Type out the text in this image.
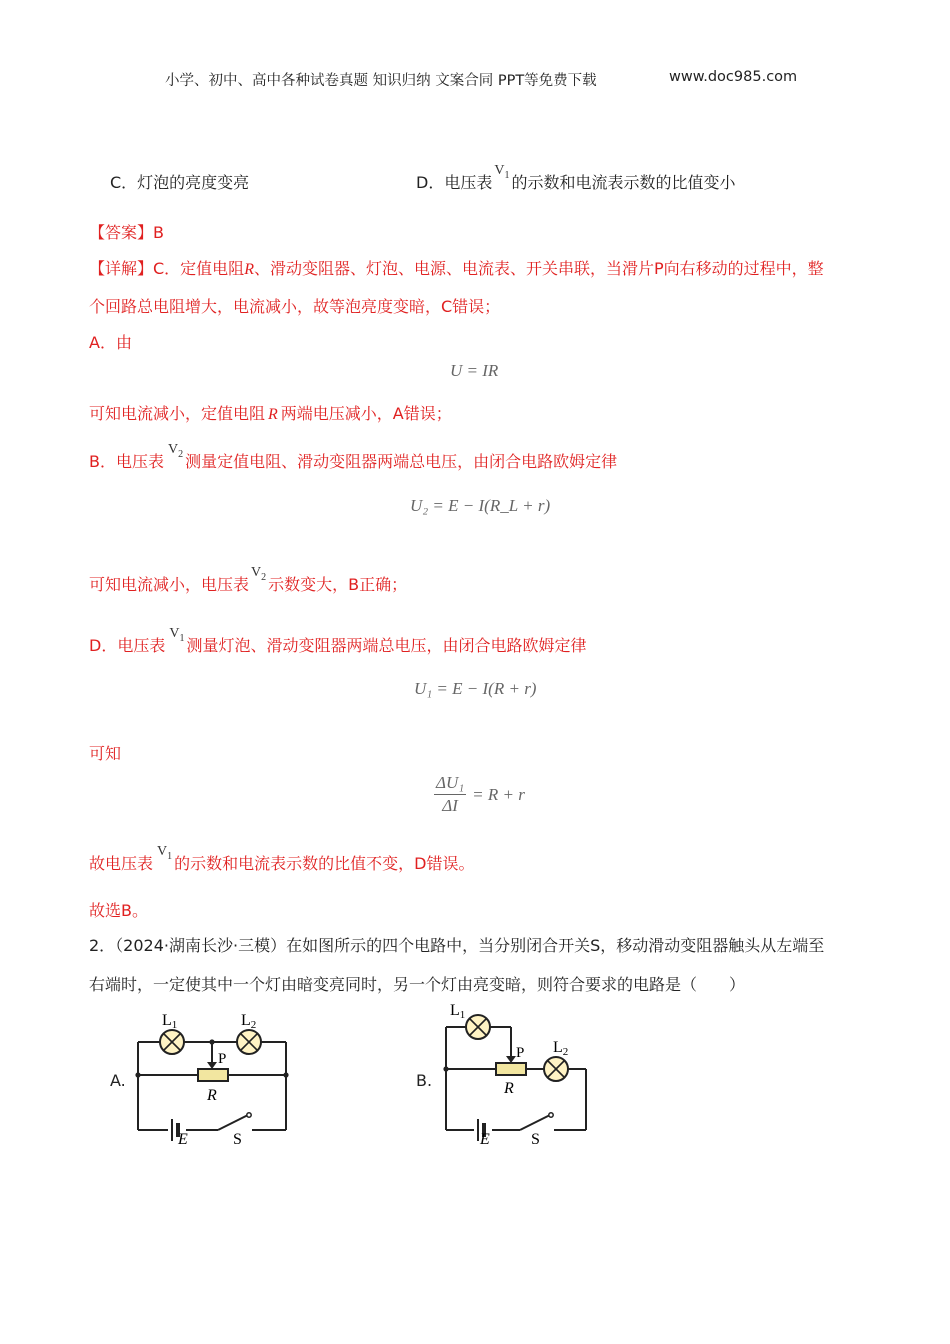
小学、初中、高中各种试卷真题 知识归纳 文案合同 PPT等免费下载	www.doc985.com
C．灯泡的亮度变亮	D．电压表$V_1$ 的示数和电流表示数的比值变小
【答案】B
【详解】C．定值电阻R、滑动变阻器、灯泡、电源、电流表、开关串联，当滑片P向右移动的过程中，整
个回路总电阻增大，电流减小，故等泡亮度变暗，C错误；
A．由
U = IR
可知电流减小，定值电阻 R 两端电压减小，A错误；
B．电压表$V_2$ 测量定值电阻、滑动变阻器两端总电压，由闭合电路欧姆定律
U₂ = E − I(R_L + r)
可知电流减小，电压表$V_2$ 示数变大，B正确；
D．电压表$V_1$ 测量灯泡、滑动变阻器两端总电压，由闭合电路欧姆定律
U₁ = E − I(R + r)
可知
$\frac{\text{ΔU₁}}{\Delta I} = R + r$
故电压表$V_1$ 的示数和电流表示数的比值不变，D错误。
故选B。
2．（2024·湖南长沙·三模）在如图所示的四个电路中，当分别闭合开关S，移动滑动变阻器触头从左端至
右端时，一定使其中一个灯由暗变亮同时，另一个灯由亮变暗，则符合要求的电路是（　　）
A.	B.
L1	L2
P
R
E	S
L1
L2
P
R
E	S
